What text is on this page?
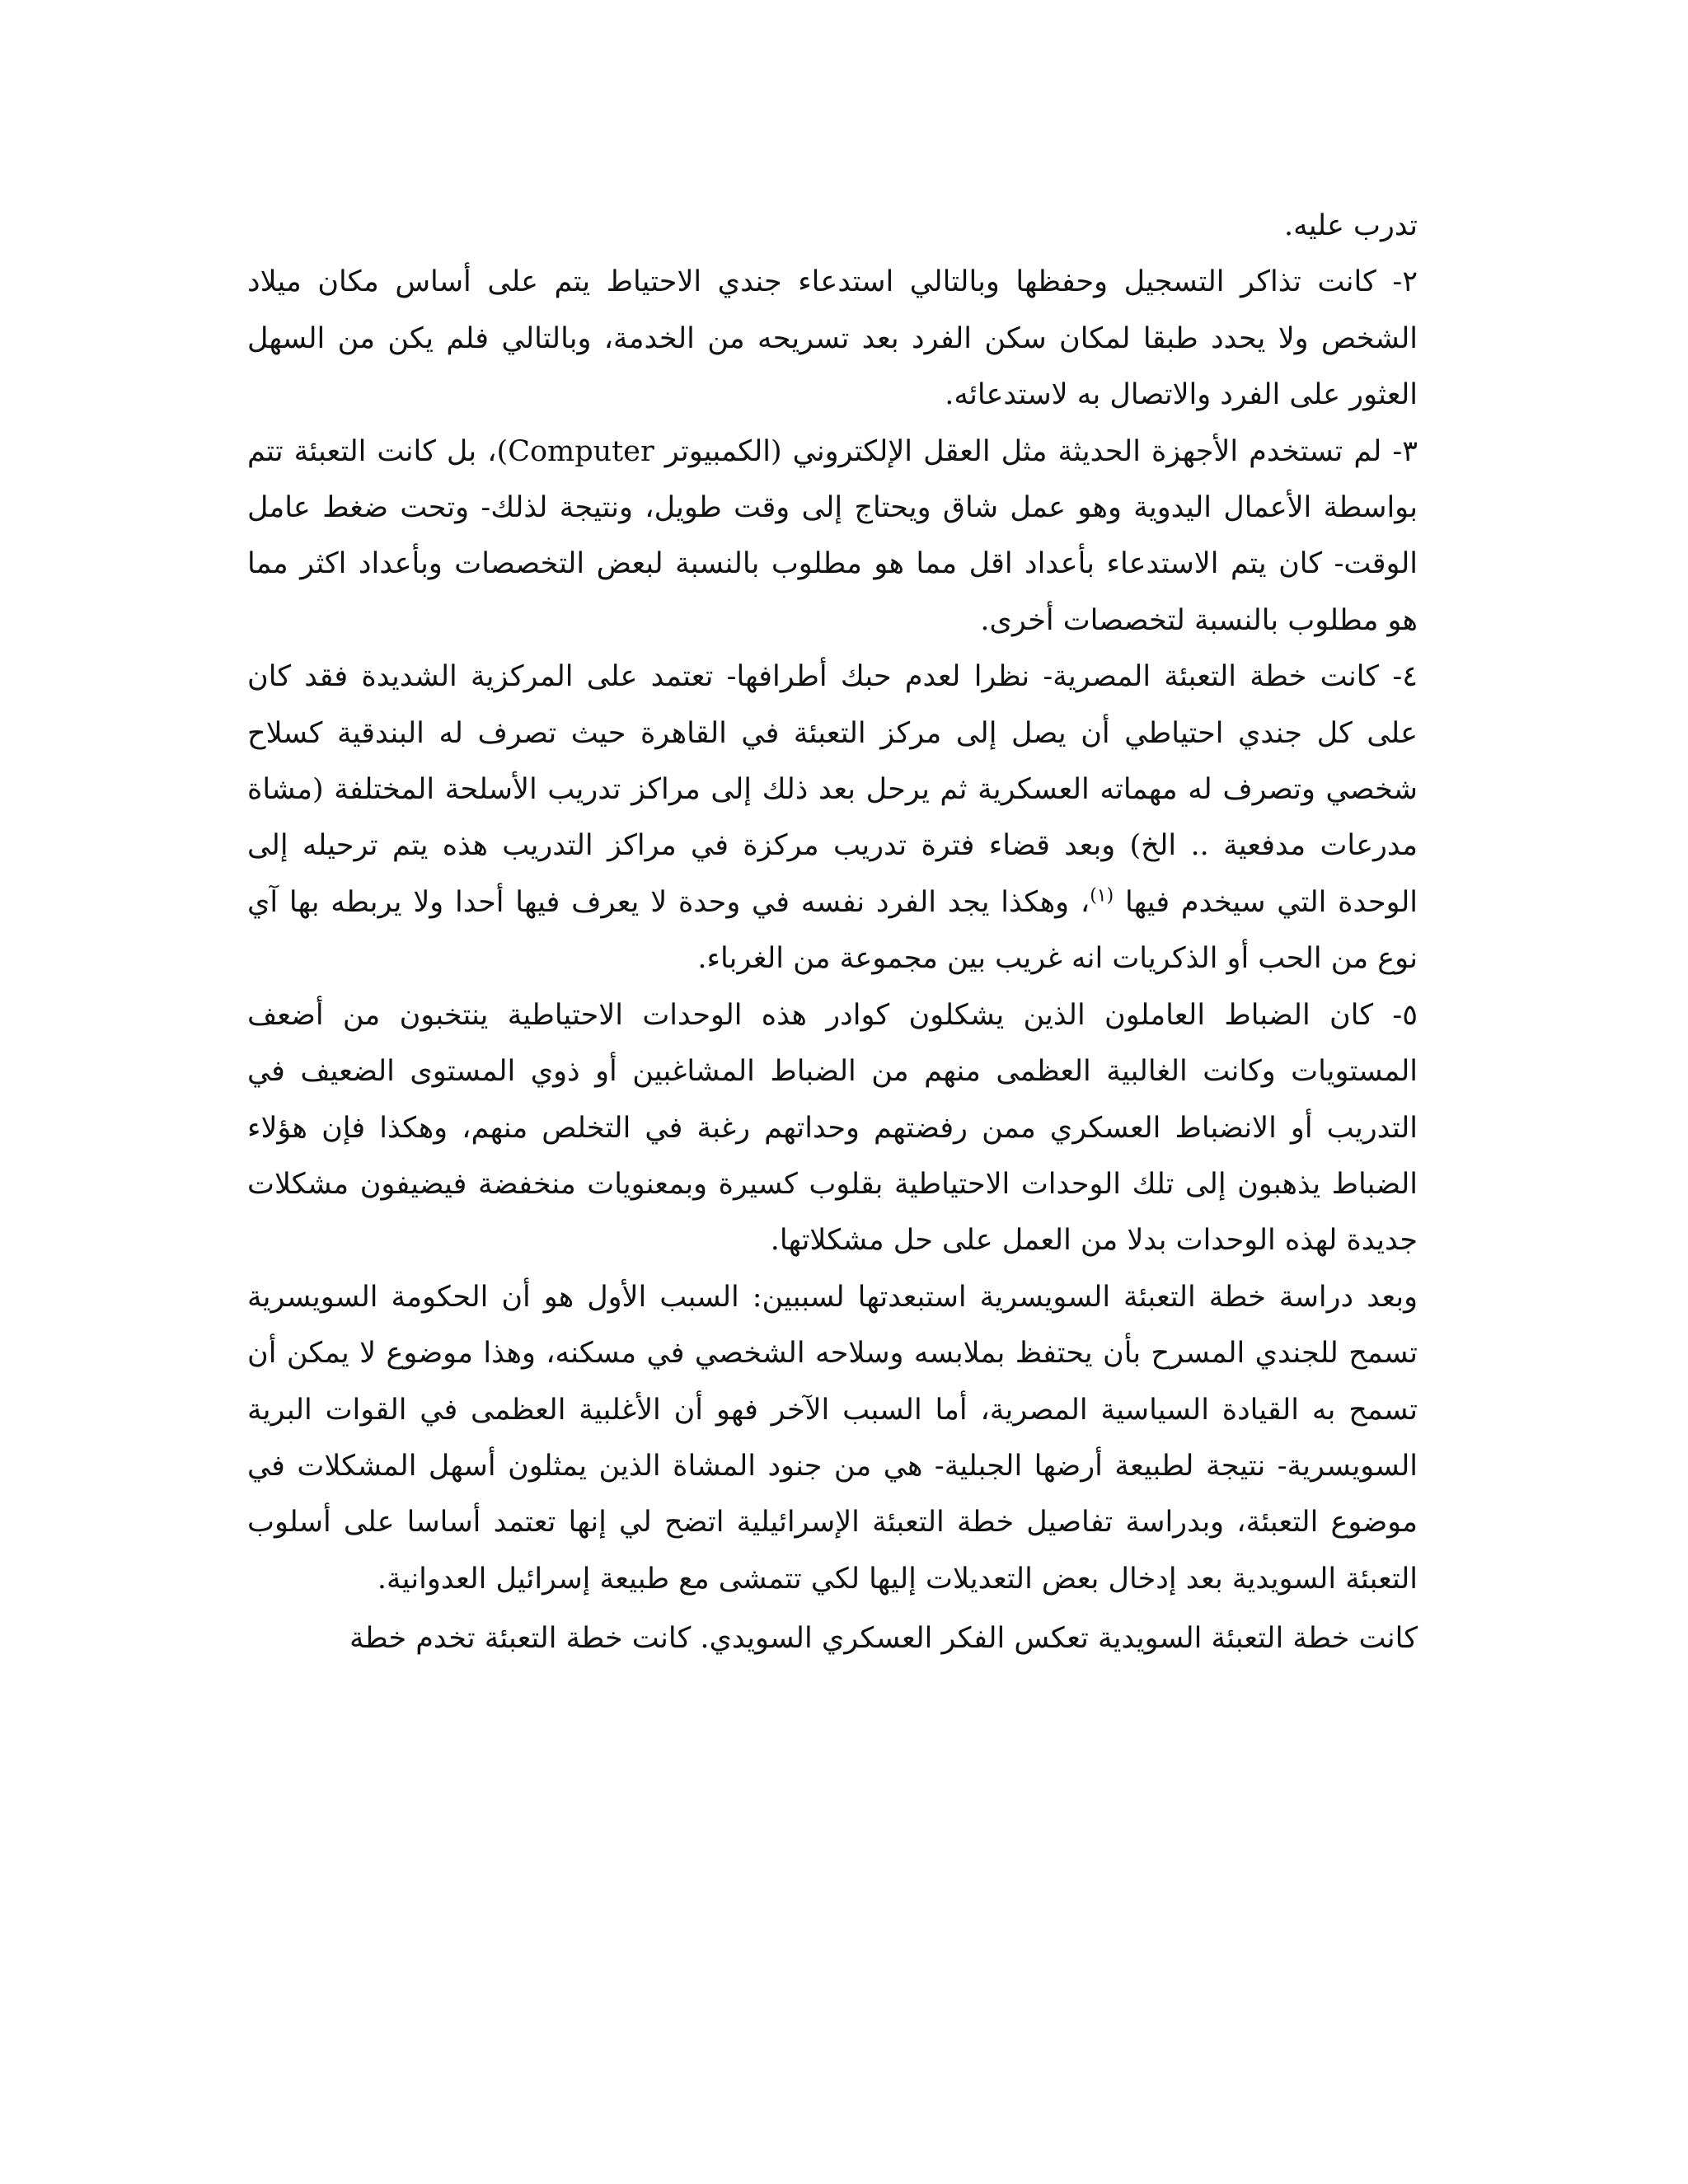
تدرب عليه.

٢- كانت تذاكر التسجيل وحفظها وبالتالي استدعاء جندي الاحتياط يتم على أساس مكان ميلاد الشخص ولا يحدد طبقا لمكان سكن الفرد بعد تسريحه من الخدمة، وبالتالي فلم يكن من السهل العثور على الفرد والاتصال به لاستدعائه.

٣- لم تستخدم الأجهزة الحديثة مثل العقل الإلكتروني (الكمبيوتر Computer)، بل كانت التعبئة تتم بواسطة الأعمال اليدوية وهو عمل شاق ويحتاج إلى وقت طويل، ونتيجة لذلك- وتحت ضغط عامل الوقت- كان يتم الاستدعاء بأعداد اقل مما هو مطلوب بالنسبة لبعض التخصصات وبأعداد اكثر مما هو مطلوب بالنسبة لتخصصات أخرى.

٤- كانت خطة التعبئة المصرية- نظرا لعدم حبك أطرافها- تعتمد على المركزية الشديدة فقد كان على كل جندي احتياطي أن يصل إلى مركز التعبئة في القاهرة حيث تصرف له البندقية كسلاح شخصي وتصرف له مهماته العسكرية ثم يرحل بعد ذلك إلى مراكز تدريب الأسلحة المختلفة (مشاة مدرعات مدفعية .. الخ) وبعد قضاء فترة تدريب مركزة في مراكز التدريب هذه يتم ترحيله إلى الوحدة التي سيخدم فيها $^{(١)}$، وهكذا يجد الفرد نفسه في وحدة لا يعرف فيها أحدا ولا يربطه بها آي نوع من الحب أو الذكريات انه غريب بين مجموعة من الغرباء.

٥- كان الضباط العاملون الذين يشكلون كوادر هذه الوحدات الاحتياطية ينتخبون من أضعف المستويات وكانت الغالبية العظمى منهم من الضباط المشاغبين أو ذوي المستوى الضعيف في التدريب أو الانضباط العسكري ممن رفضتهم وحداتهم رغبة في التخلص منهم، وهكذا فإن هؤلاء الضباط يذهبون إلى تلك الوحدات الاحتياطية بقلوب كسيرة وبمعنويات منخفضة فيضيفون مشكلات جديدة لهذه الوحدات بدلا من العمل على حل مشكلاتها.

وبعد دراسة خطة التعبئة السويسرية استبعدتها لسببين: السبب الأول هو أن الحكومة السويسرية تسمح للجندي المسرح بأن يحتفظ بملابسه وسلاحه الشخصي في مسكنه، وهذا موضوع لا يمكن أن تسمح به القيادة السياسية المصرية، أما السبب الآخر فهو أن الأغلبية العظمى في القوات البرية السويسرية- نتيجة لطبيعة أرضها الجبلية- هي من جنود المشاة الذين يمثلون أسهل المشكلات في موضوع التعبئة، وبدراسة تفاصيل خطة التعبئة الإسرائيلية اتضح لي إنها تعتمد أساسا على أسلوب التعبئة السويدية بعد إدخال بعض التعديلات إليها لكي تتمشى مع طبيعة إسرائيل العدوانية.

كانت خطة التعبئة السويدية تعكس الفكر العسكري السويدي. كانت خطة التعبئة تخدم خطة
